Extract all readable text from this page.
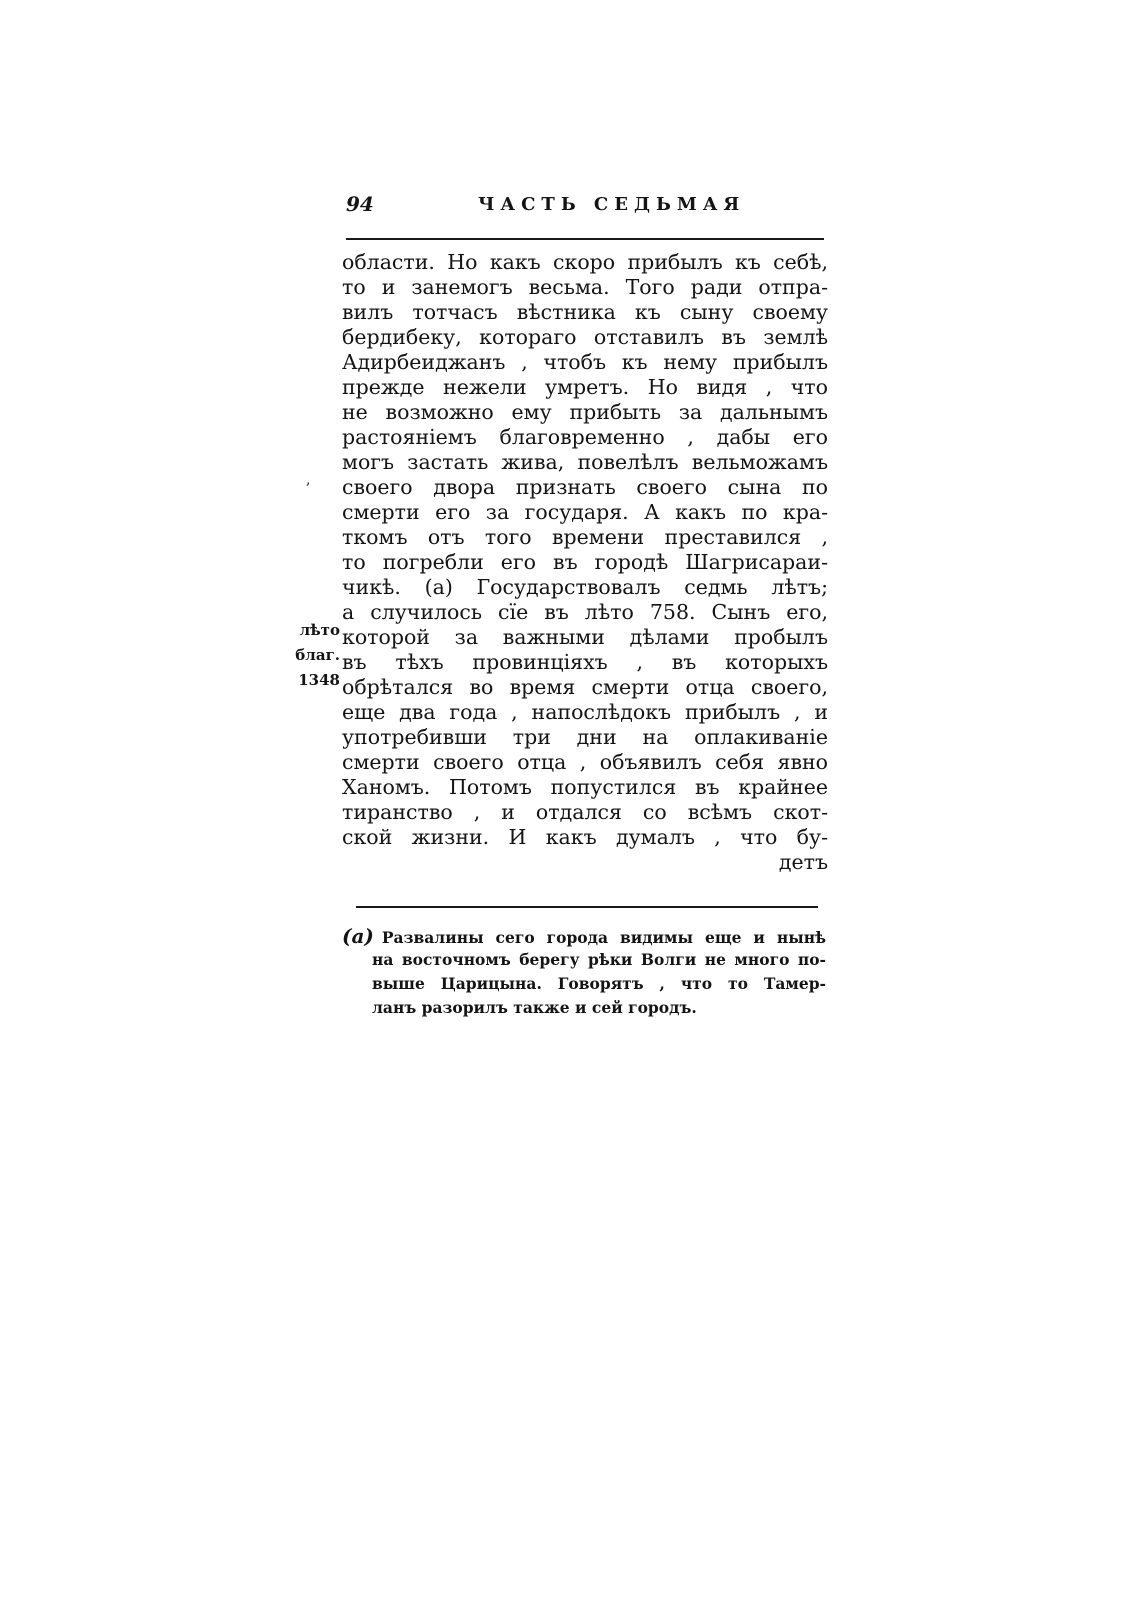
94	ЧАСТЬ СЕДЬМАЯ
,
лѣто
благ.
1348
области. Но какъ скоро прибылъ къ себѣ,
то и занемогъ весьма. Того ради отпра-
вилъ тотчасъ вѣстника къ сыну своему
бердибеку, котораго отставилъ въ землѣ
Адирбеиджанъ , чтобъ къ нему прибылъ
прежде нежели умретъ. Но видя , что
не возможно ему прибыть за дальнымъ
растояніемъ благовременно , дабы его
могъ застать жива, повелѣлъ вельможамъ
своего двора признать своего сына по
смерти его за государя. А какъ по кра-
ткомъ отъ того времени преставился ,
то погребли его въ городѣ Шагрисараи-
чикѣ. (а) Государствовалъ седмь лѣтъ;
а случилось сїе въ лѣто 758. Сынъ его,
которой за важными дѣлами пробылъ
въ тѣхъ провинціяхъ , въ которыхъ
обрѣтался во время смерти отца своего,
еще два года , напослѣдокъ прибылъ , и
употребивши три дни на оплакиваніе
смерти своего отца , объявилъ себя явно
Ханомъ. Потомъ попустился въ крайнее
тиранство , и отдался со всѣмъ скот-
ской жизни. И какъ думалъ , что бу-
детъ
(а) Развалины сего города видимы еще и нынѣ
на восточномъ берегу рѣки Волги не много по-
выше Царицына. Говорятъ , что то Тамер-
ланъ разорилъ также и сей городъ.
